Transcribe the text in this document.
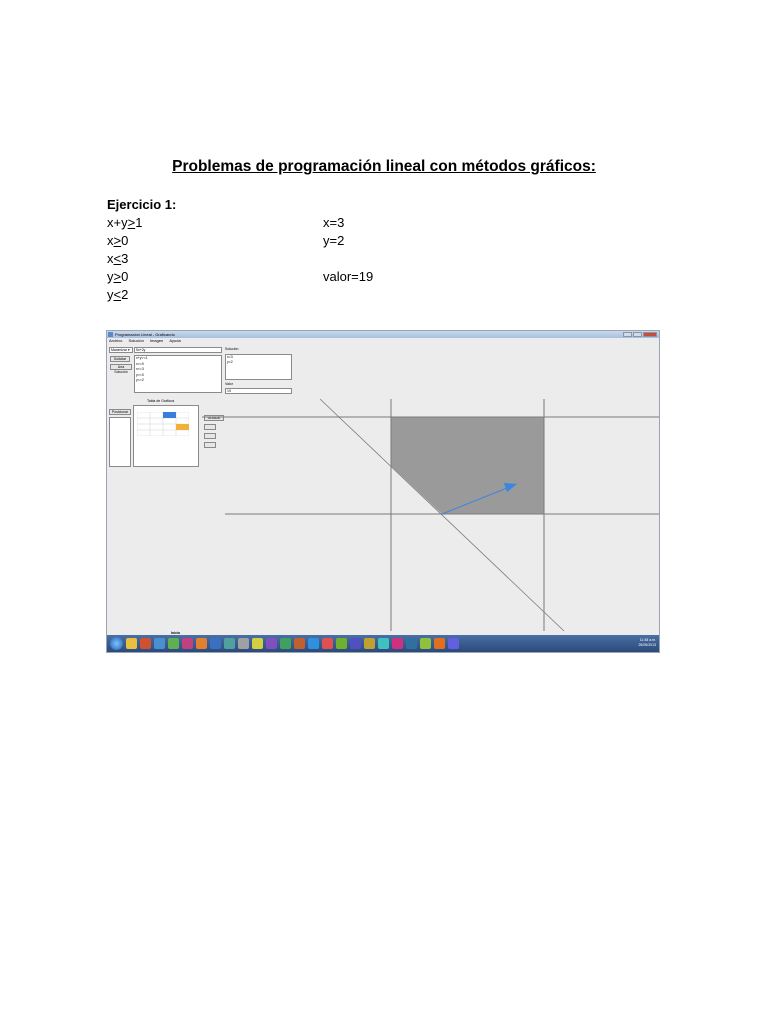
Problemas de programación lineal con métodos gráficos:

Ejercicio 1:

x+y>1

x>0

x<3

y>0

y<2

x=3

y=2

valor=19

Programacion Lineal - Graficando
Archivo Solución Imagen Ayuda
Maximizar ▾	5x+2y
Solicitar
Una Solución
x+y>=1
x>=0
x<=3
y>=0
y<=2
Solución
x=3
y=2
Valor
19
Tabla de Gráficos
Posicionar
Graficar
Inicio
11:48 a.m.
25/05/2013
